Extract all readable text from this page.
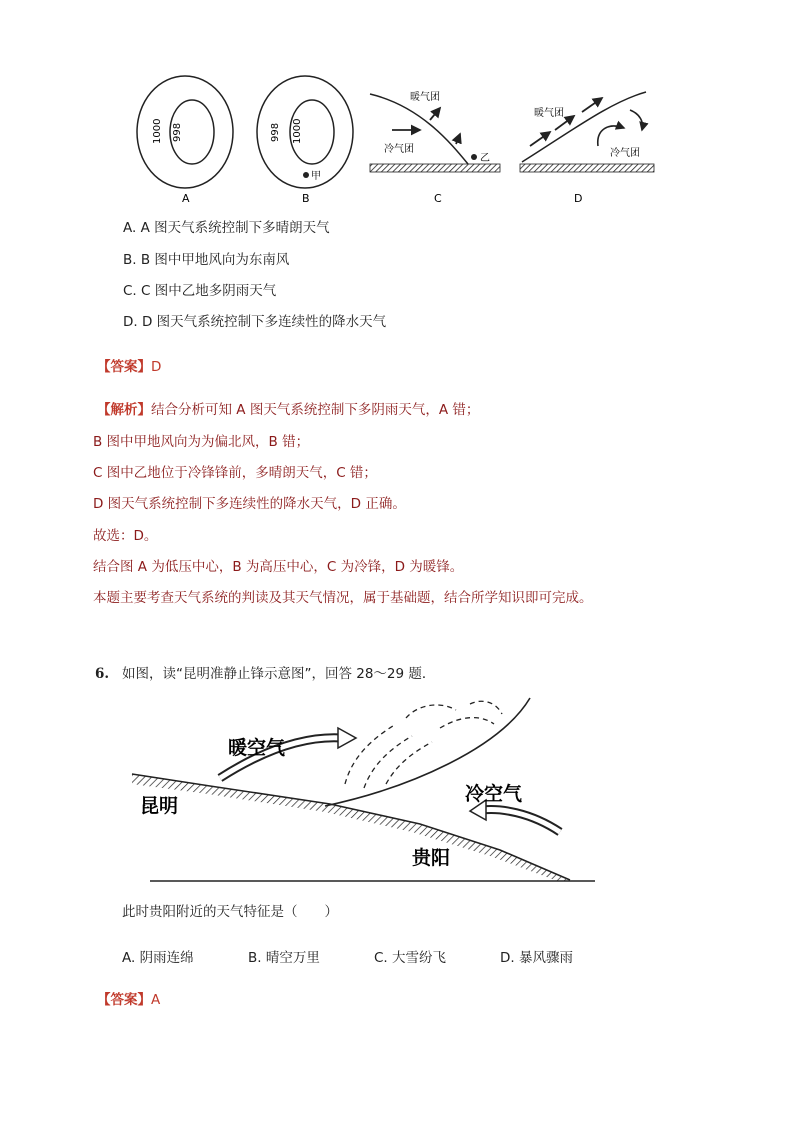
1000 998
A
998 1000
甲
B
暖气团
冷气团
乙
C
暖气团
冷气团
D
A. A 图天气系统控制下多晴朗天气
B. B 图中甲地风向为东南风
C. C 图中乙地多阴雨天气
D. D 图天气系统控制下多连续性的降水天气
【答案】D
【解析】结合分析可知 A 图天气系统控制下多阴雨天气，A 错；
B 图中甲地风向为为偏北风，B 错；
C 图中乙地位于冷锋锋前，多晴朗天气，C 错；
D 图天气系统控制下多连续性的降水天气，D 正确。
故选：D。
结合图 A 为低压中心，B 为高压中心，C 为冷锋，D 为暖锋。
本题主要考查天气系统的判读及其天气情况，属于基础题，结合所学知识即可完成。
6. 如图，读“昆明准静止锋示意图”，回答 28～29 题．
暖空气
冷空气
昆明
贵阳
此时贵阳附近的天气特征是（　　）
A. 阴雨连绵	B. 晴空万里	C. 大雪纷飞	D. 暴风骤雨
【答案】A
